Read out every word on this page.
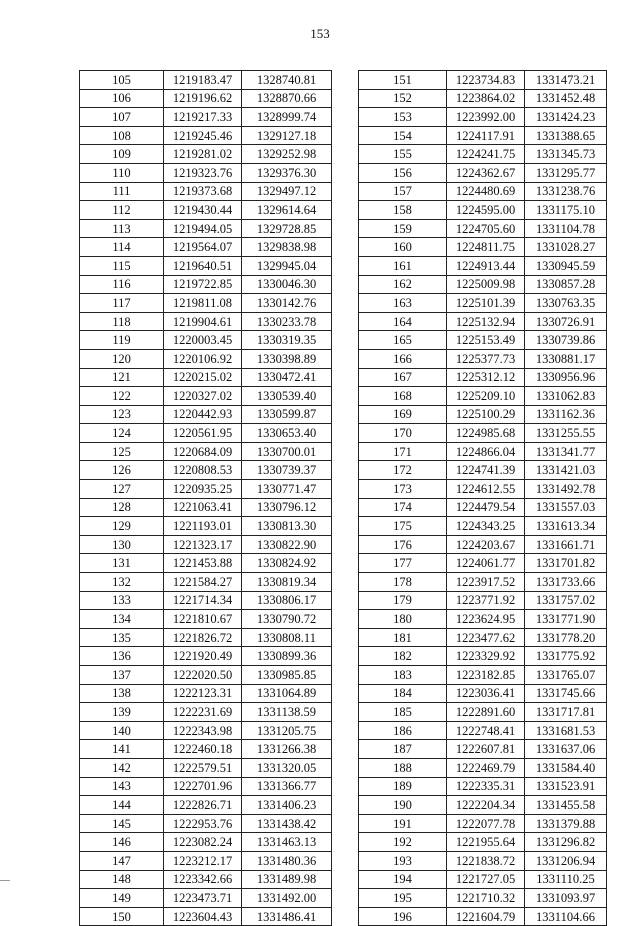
153
105	1219183.47	1328740.81
106	1219196.62	1328870.66
107	1219217.33	1328999.74
108	1219245.46	1329127.18
109	1219281.02	1329252.98
110	1219323.76	1329376.30
111	1219373.68	1329497.12
112	1219430.44	1329614.64
113	1219494.05	1329728.85
114	1219564.07	1329838.98
115	1219640.51	1329945.04
116	1219722.85	1330046.30
117	1219811.08	1330142.76
118	1219904.61	1330233.78
119	1220003.45	1330319.35
120	1220106.92	1330398.89
121	1220215.02	1330472.41
122	1220327.02	1330539.40
123	1220442.93	1330599.87
124	1220561.95	1330653.40
125	1220684.09	1330700.01
126	1220808.53	1330739.37
127	1220935.25	1330771.47
128	1221063.41	1330796.12
129	1221193.01	1330813.30
130	1221323.17	1330822.90
131	1221453.88	1330824.92
132	1221584.27	1330819.34
133	1221714.34	1330806.17
134	1221810.67	1330790.72
135	1221826.72	1330808.11
136	1221920.49	1330899.36
137	1222020.50	1330985.85
138	1222123.31	1331064.89
139	1222231.69	1331138.59
140	1222343.98	1331205.75
141	1222460.18	1331266.38
142	1222579.51	1331320.05
143	1222701.96	1331366.77
144	1222826.71	1331406.23
145	1222953.76	1331438.42
146	1223082.24	1331463.13
147	1223212.17	1331480.36
148	1223342.66	1331489.98
149	1223473.71	1331492.00
150	1223604.43	1331486.41
151	1223734.83	1331473.21
152	1223864.02	1331452.48
153	1223992.00	1331424.23
154	1224117.91	1331388.65
155	1224241.75	1331345.73
156	1224362.67	1331295.77
157	1224480.69	1331238.76
158	1224595.00	1331175.10
159	1224705.60	1331104.78
160	1224811.75	1331028.27
161	1224913.44	1330945.59
162	1225009.98	1330857.28
163	1225101.39	1330763.35
164	1225132.94	1330726.91
165	1225153.49	1330739.86
166	1225377.73	1330881.17
167	1225312.12	1330956.96
168	1225209.10	1331062.83
169	1225100.29	1331162.36
170	1224985.68	1331255.55
171	1224866.04	1331341.77
172	1224741.39	1331421.03
173	1224612.55	1331492.78
174	1224479.54	1331557.03
175	1224343.25	1331613.34
176	1224203.67	1331661.71
177	1224061.77	1331701.82
178	1223917.52	1331733.66
179	1223771.92	1331757.02
180	1223624.95	1331771.90
181	1223477.62	1331778.20
182	1223329.92	1331775.92
183	1223182.85	1331765.07
184	1223036.41	1331745.66
185	1222891.60	1331717.81
186	1222748.41	1331681.53
187	1222607.81	1331637.06
188	1222469.79	1331584.40
189	1222335.31	1331523.91
190	1222204.34	1331455.58
191	1222077.78	1331379.88
192	1221955.64	1331296.82
193	1221838.72	1331206.94
194	1221727.05	1331110.25
195	1221710.32	1331093.97
196	1221604.79	1331104.66
